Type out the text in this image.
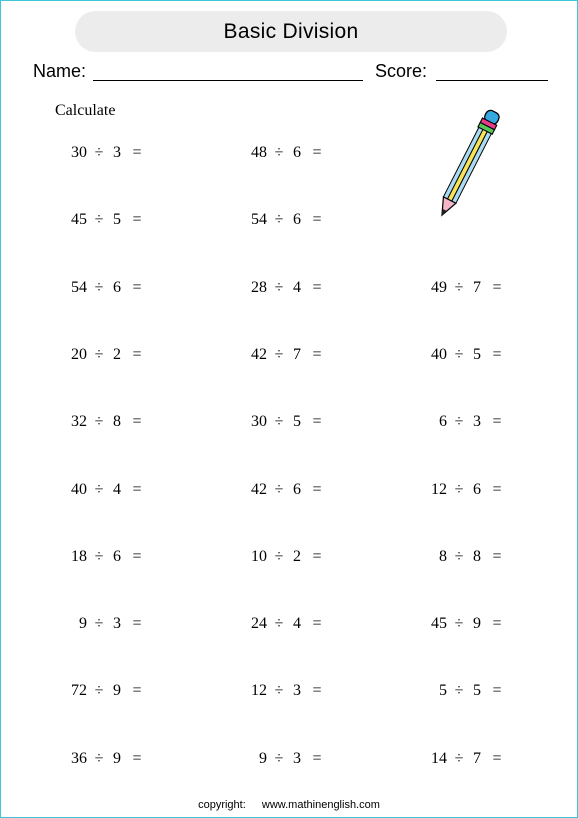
Basic Division
Name:	Score:
Calculate
30 ÷ 3 =
45 ÷ 5 =
54 ÷ 6 =
20 ÷ 2 =
32 ÷ 8 =
40 ÷ 4 =
18 ÷ 6 =
9 ÷ 3 =
72 ÷ 9 =
36 ÷ 9 =
48 ÷ 6 =
54 ÷ 6 =
28 ÷ 4 =
42 ÷ 7 =
30 ÷ 5 =
42 ÷ 6 =
10 ÷ 2 =
24 ÷ 4 =
12 ÷ 3 =
9 ÷ 3 =
49 ÷ 7 =
40 ÷ 5 =
6 ÷ 3 =
12 ÷ 6 =
8 ÷ 8 =
45 ÷ 9 =
5 ÷ 5 =
14 ÷ 7 =
copyright: www.mathinenglish.com
